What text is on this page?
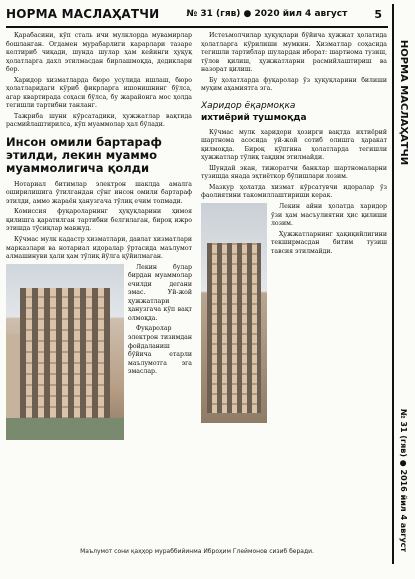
НОРМА МАСЛАҲАТЧИ	№ 31 (гяв) ● 2020 йил 4 август 5
НОРМА МАСЛАҲАТЧИ
№ 31 (гяв) ● 2016 йил 4 август

Қарабасини, кўп сталь ичи мулклорда мувамирлар бошланган. Огдамен мурабарлиги карарлари тазаре келтириб чиқади, шунда шулар ҳам кейинги ҳуқуқ ҳолатларга дахл этилмасдан бирлашмоқда, дедиклари бор.

Харидор хизматларда бюро усулида ишлаш, бюро ҳолатларидаги кўриб фикрларга ишонишнинг бўлса, агар квартирада соҳаси бўлса, бу жарайонга мос ҳолда тегишли тартибни танланг.

Тажриба шуни кўрсатадики, ҳужжатлар вақтида расмийлаштирилса, кўп муаммолар ҳал бўлади.

Инсон омили бартараф этилди, лекин муаммо муаммолигича қолди

Нотариал битимлар электрон шаклда амалга оширилишига ўтилгандан сўнг инсон омили бартараф этилди, аммо жараён ҳанузгача тўлиқ ечим топмади.

Комиссия фуқароларнинг ҳуқуқларини ҳимоя қилишга қаратилган тартибни белгилаган, бироқ ижро этишда тўсиқлар мавжуд.

Кўчмас мулк кадастр хизматлари, давлат хизматлари марказлари ва нотариал идоралар ўртасида маълумот алмашинуви ҳали ҳам тўлиқ йўлга қўйилмаган.

Лекин булар бирдан муаммолар ечилди дегани эмас. Уй-жой ҳужжатлари ҳанузгача кўп вақт олмоқда.

Фуқаролар электрон тизимдан фойдаланиш бўйича етарли маълумотга эга эмаслар.

Истеъмолчилар ҳуқуқлари бўйича ҳужжат ҳолатида ҳолатларга кўрилиши мумкин. Хизматлар соҳасида тегишли тартиблар шулардан иборат: шартнома тузиш, тўлов қилиш, ҳужжатларни расмийлаштириш ва назорат қилиш.

Бу ҳолатларда фуқаролар ўз ҳуқуқларини билиши муҳим аҳамиятга эга.

Харидор ёқармоқка
ихтиёрий тушмоқда

Кўчмас мулк харидори ҳозирги вақтда ихтиёрий шартнома асосида уй-жой сотиб олишга ҳаракат қилмоқда. Бироқ кўпгина ҳолатларда тегишли ҳужжатлар тўлиқ тақдим этилмайди.

Шундай экан, тижоратчи банклар шартномаларни тузишда янада эҳтиёткор бўлишлари лозим.

Мазкур ҳолатда хизмат кўрсатувчи идоралар ўз фаолиятини такомиллаштириши керак.

Лекин айни ҳолатда харидор ўзи ҳам масъулиятни ҳис қилиши лозим.

Ҳужжатларнинг ҳақиқийлигини текширмасдан битим тузиш тавсия этилмайди.

Маълумот сони қаҳҳор мураббийинма Иброҳим Глеймонов сизиб беради.
